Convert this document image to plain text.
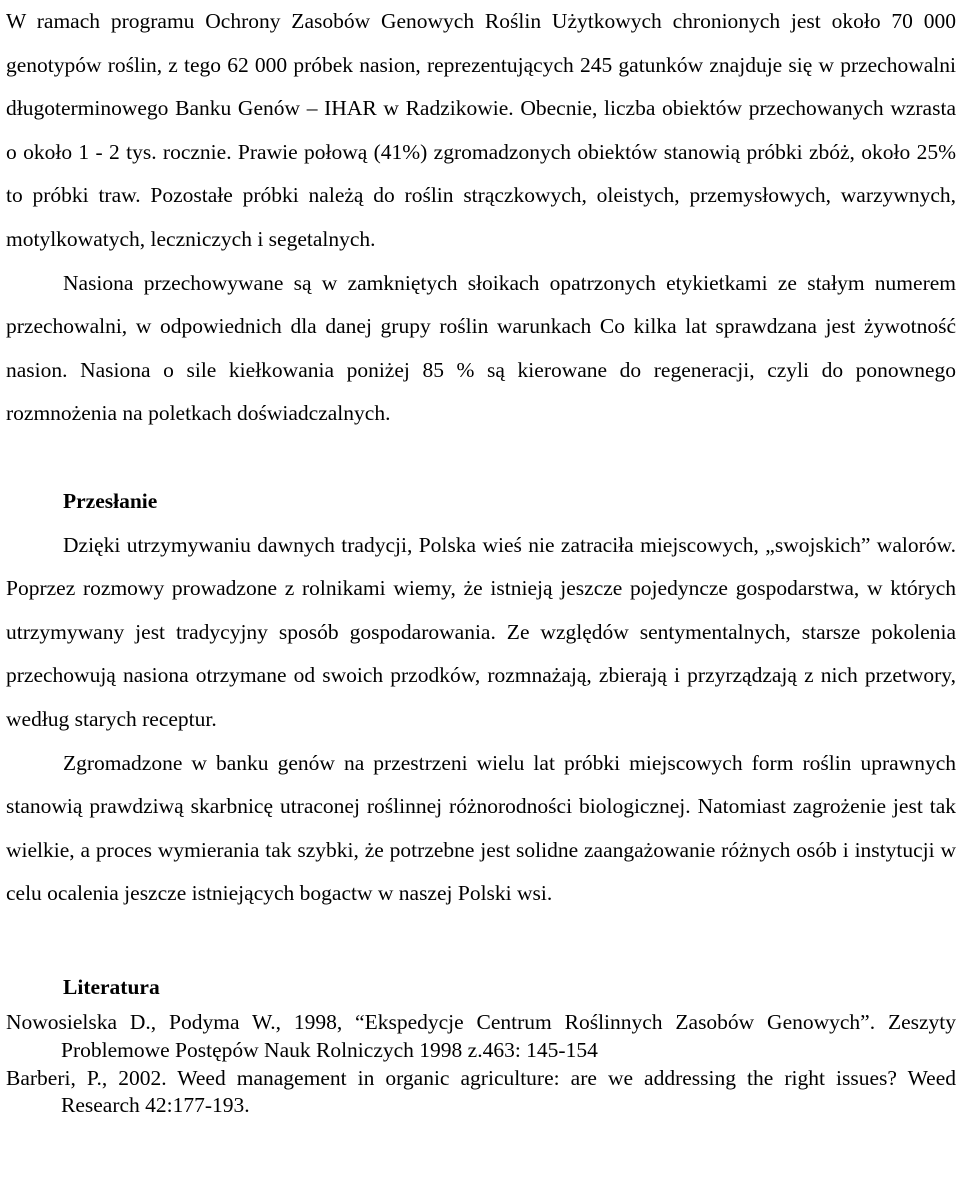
W ramach programu Ochrony Zasobów Genowych Roślin Użytkowych chronionych jest około 70 000 genotypów roślin, z tego 62 000 próbek nasion, reprezentujących 245 gatunków znajduje się w przechowalni długoterminowego Banku Genów – IHAR w Radzikowie. Obecnie, liczba obiektów przechowanych wzrasta o około 1 - 2 tys. rocznie. Prawie połową (41%) zgromadzonych obiektów stanowią próbki zbóż, około 25% to próbki traw. Pozostałe próbki należą do roślin strączkowych, oleistych, przemysłowych, warzywnych, motylkowatych, leczniczych i segetalnych.

Nasiona przechowywane są w zamkniętych słoikach opatrzonych etykietkami ze stałym numerem przechowalni, w odpowiednich dla danej grupy roślin warunkach Co kilka lat sprawdzana jest żywotność nasion. Nasiona o sile kiełkowania poniżej 85 % są kierowane do regeneracji, czyli do ponownego rozmnożenia na poletkach doświadczalnych.

Przesłanie

Dzięki utrzymywaniu dawnych tradycji, Polska wieś nie zatraciła miejscowych, „swojskich” walorów. Poprzez rozmowy prowadzone z rolnikami wiemy, że istnieją jeszcze pojedyncze gospodarstwa, w których utrzymywany jest tradycyjny sposób gospodarowania. Ze względów sentymentalnych, starsze pokolenia przechowują nasiona otrzymane od swoich przodków, rozmnażają, zbierają i przyrządzają z nich przetwory, według starych receptur.

Zgromadzone w banku genów na przestrzeni wielu lat próbki miejscowych form roślin uprawnych stanowią prawdziwą skarbnicę utraconej roślinnej różnorodności biologicznej. Natomiast zagrożenie jest tak wielkie, a proces wymierania tak szybki, że potrzebne jest solidne zaangażowanie różnych osób i instytucji w celu ocalenia jeszcze istniejących bogactw w naszej Polski wsi.

Literatura

Nowosielska D., Podyma W., 1998, “Ekspedycje Centrum Roślinnych Zasobów Genowych”. Zeszyty Problemowe Postępów Nauk Rolniczych 1998 z.463: 145-154

Barberi, P., 2002. Weed management in organic agriculture: are we addressing the right issues? Weed Research 42:177-193.
